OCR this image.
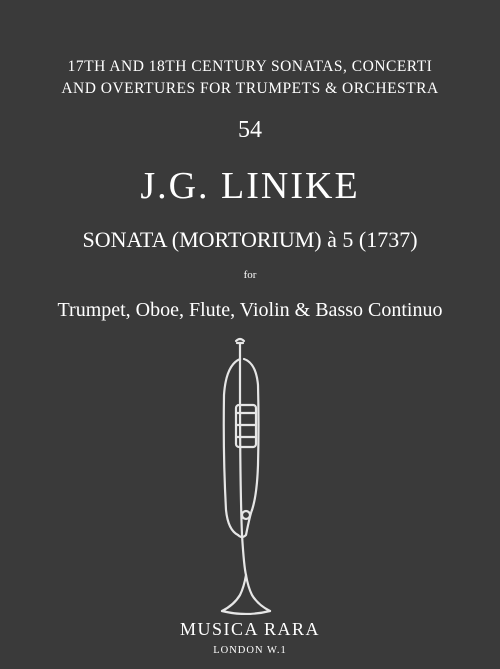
17TH AND 18TH CENTURY SONATAS, CONCERTI
AND OVERTURES FOR TRUMPETS & ORCHESTRA
54
J.G. LINIKE
SONATA (MORTORIUM) à 5 (1737)
for
Trumpet, Oboe, Flute, Violin & Basso Continuo
MUSICA RARA
LONDON W.1
